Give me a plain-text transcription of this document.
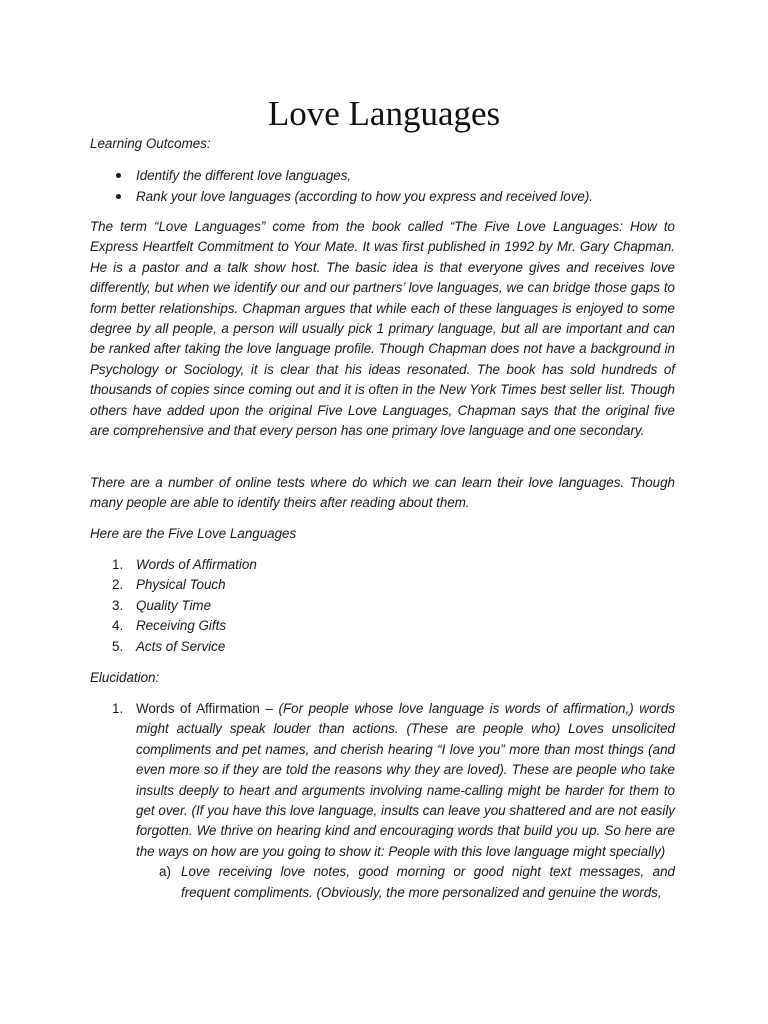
Love Languages

Learning Outcomes:

Identify the different love languages,
Rank your love languages (according to how you express and received love).

The term “Love Languages” come from the book called “The Five Love Languages: How to Express Heartfelt Commitment to Your Mate. It was first published in 1992 by Mr. Gary Chapman. He is a pastor and a talk show host. The basic idea is that everyone gives and receives love differently, but when we identify our and our partners’ love languages, we can bridge those gaps to form better relationships. Chapman argues that while each of these languages is enjoyed to some degree by all people, a person will usually pick 1 primary language, but all are important and can be ranked after taking the love language profile. Though Chapman does not have a background in Psychology or Sociology, it is clear that his ideas resonated. The book has sold hundreds of thousands of copies since coming out and it is often in the New York Times best seller list. Though others have added upon the original Five Love Languages, Chapman says that the original five are comprehensive and that every person has one primary love language and one secondary.

There are a number of online tests where do which we can learn their love languages. Though many people are able to identify theirs after reading about them.

Here are the Five Love Languages

1. Words of Affirmation
2. Physical Touch
3. Quality Time
4. Receiving Gifts
5. Acts of Service

Elucidation:

1. Words of Affirmation – (For people whose love language is words of affirmation,) words might actually speak louder than actions. (These are people who) Loves unsolicited compliments and pet names, and cherish hearing “I love you” more than most things (and even more so if they are told the reasons why they are loved). These are people who take insults deeply to heart and arguments involving name-calling might be harder for them to get over. (If you have this love language, insults can leave you shattered and are not easily forgotten. We thrive on hearing kind and encouraging words that build you up. So here are the ways on how are you going to show it: People with this love language might specially)
a) Love receiving love notes, good morning or good night text messages, and frequent compliments. (Obviously, the more personalized and genuine the words,
